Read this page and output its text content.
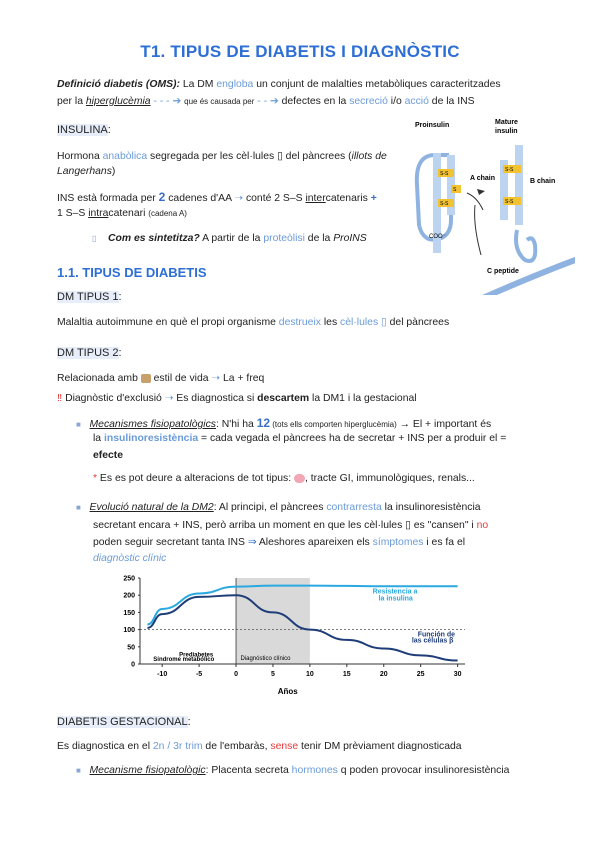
T1. TIPUS DE DIABETIS I DIAGNÒSTIC
Definició diabetis (OMS): La DM engloba un conjunt de malalties metabòliques caracteritzades
per la hiperglucèmia - - - ➔ que és causada per - - ➔ defectes en la secreció i/o acció de la INS
INSULINA:
Hormona anabòlica segregada per les cèl·lules ▯ del pàncrees (illots de
Langerhans)
INS està formada per 2 cadenes d'AA ➝ conté 2 S–S intercatenaris +
1 S–S intracatenari (cadena A)
▯ Com es sintetitza? A partir de la proteòlisi de la ProINS
Proinsulin	Mature
insulin
COO⁻
S-S
S-S
S
A chain
S-S
S-S
B chain
C peptide
1.1. TIPUS DE DIABETIS
DM TIPUS 1:
Malaltia autoimmune en què el propi organisme destrueix les cèl·lules ▯ del pàncrees
DM TIPUS 2:
Relacionada amb  estil de vida ➝ La + freq
‼ Diagnòstic d'exclusió ➝ Es diagnostica si descartem la DM1 i la gestacional
■ Mecanismes fisiopatològics: N'hi ha 12 (tots ells comporten hiperglucèmia) → El + important és
la insulinoresistència = cada vegada el pàncrees ha de secretar + INS per a produir el =
efecte
* Es es pot deure a alteracions de tot tipus: , tracte GI, immunològiques, renals...
■ Evolució natural de la DM2: Al principi, el pàncrees contrarresta la insulinoresistència
secretant encara + INS, però arriba un moment en que les cèl·lules ▯ es "cansen" i no
poden seguir secretant tanta INS ⇒ Aleshores apareixen els símptomes i es fa el
diagnòstic clínic
0
50
100
150
200
250
-10	-5	0	5	10	15	20	25	30
Resistencia a
la insulina
Función de
las células β
Prediabetes
Síndrome metabólico	Diagnóstico clínico
Años
DIABETIS GESTACIONAL:
Es diagnostica en el 2n / 3r trim de l'embaràs, sense tenir DM prèviament diagnosticada
■ Mecanisme fisiopatològic: Placenta secreta hormones q poden provocar insulinoresistència
